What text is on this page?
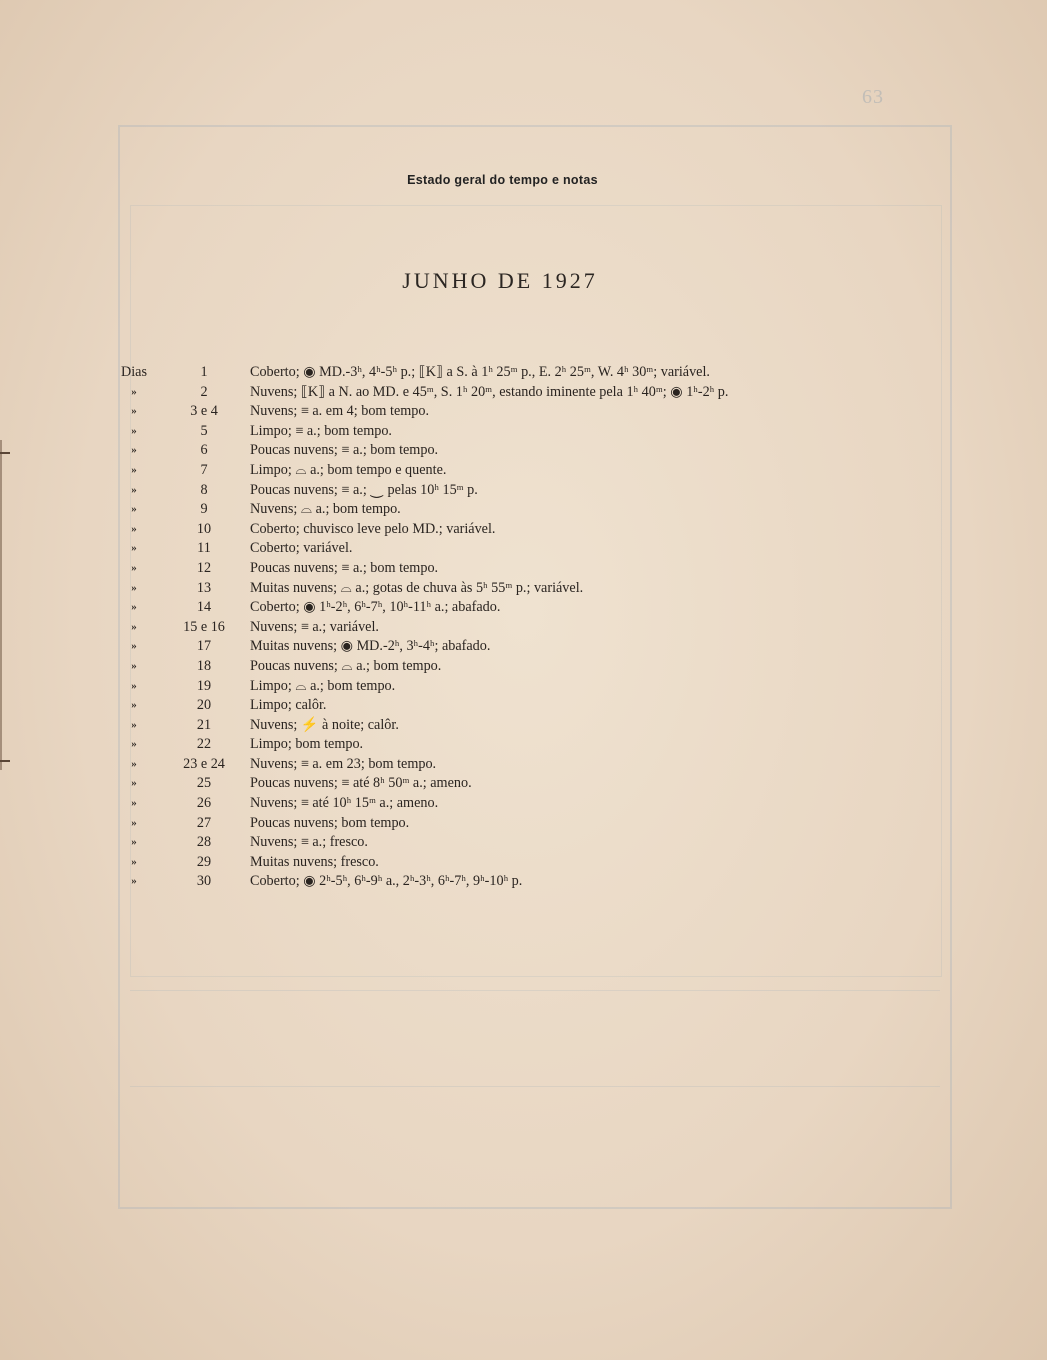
63
Estado geral do tempo e notas
JUNHO DE 1927
Dias	1	Coberto; ◉ MD.-3ʰ, 4ʰ-5ʰ p.; ⟦K⟧ a S. à 1ʰ 25ᵐ p., E. 2ʰ 25ᵐ, W. 4ʰ 30ᵐ; variável.
»	2	Nuvens; ⟦K⟧ a N. ao MD. e 45ᵐ, S. 1ʰ 20ᵐ, estando iminente pela 1ʰ 40ᵐ; ◉ 1ʰ-2ʰ p.
»	3 e 4	Nuvens; ≡ a. em 4; bom tempo.
»	5	Limpo; ≡ a.; bom tempo.
»	6	Poucas nuvens; ≡ a.; bom tempo.
»	7	Limpo; ⌓ a.; bom tempo e quente.
»	8	Poucas nuvens; ≡ a.; ⏝ pelas 10ʰ 15ᵐ p.
»	9	Nuvens; ⌓ a.; bom tempo.
»	10	Coberto; chuvisco leve pelo MD.; variável.
»	11	Coberto; variável.
»	12	Poucas nuvens; ≡ a.; bom tempo.
»	13	Muitas nuvens; ⌓ a.; gotas de chuva às 5ʰ 55ᵐ p.; variável.
»	14	Coberto; ◉ 1ʰ-2ʰ, 6ʰ-7ʰ, 10ʰ-11ʰ a.; abafado.
»	15 e 16	Nuvens; ≡ a.; variável.
»	17	Muitas nuvens; ◉ MD.-2ʰ, 3ʰ-4ʰ; abafado.
»	18	Poucas nuvens; ⌓ a.; bom tempo.
»	19	Limpo; ⌓ a.; bom tempo.
»	20	Limpo; calôr.
»	21	Nuvens; ⚡ à noite; calôr.
»	22	Limpo; bom tempo.
»	23 e 24	Nuvens; ≡ a. em 23; bom tempo.
»	25	Poucas nuvens; ≡ até 8ʰ 50ᵐ a.; ameno.
»	26	Nuvens; ≡ até 10ʰ 15ᵐ a.; ameno.
»	27	Poucas nuvens; bom tempo.
»	28	Nuvens; ≡ a.; fresco.
»	29	Muitas nuvens; fresco.
»	30	Coberto; ◉ 2ʰ-5ʰ, 6ʰ-9ʰ a., 2ʰ-3ʰ, 6ʰ-7ʰ, 9ʰ-10ʰ p.
